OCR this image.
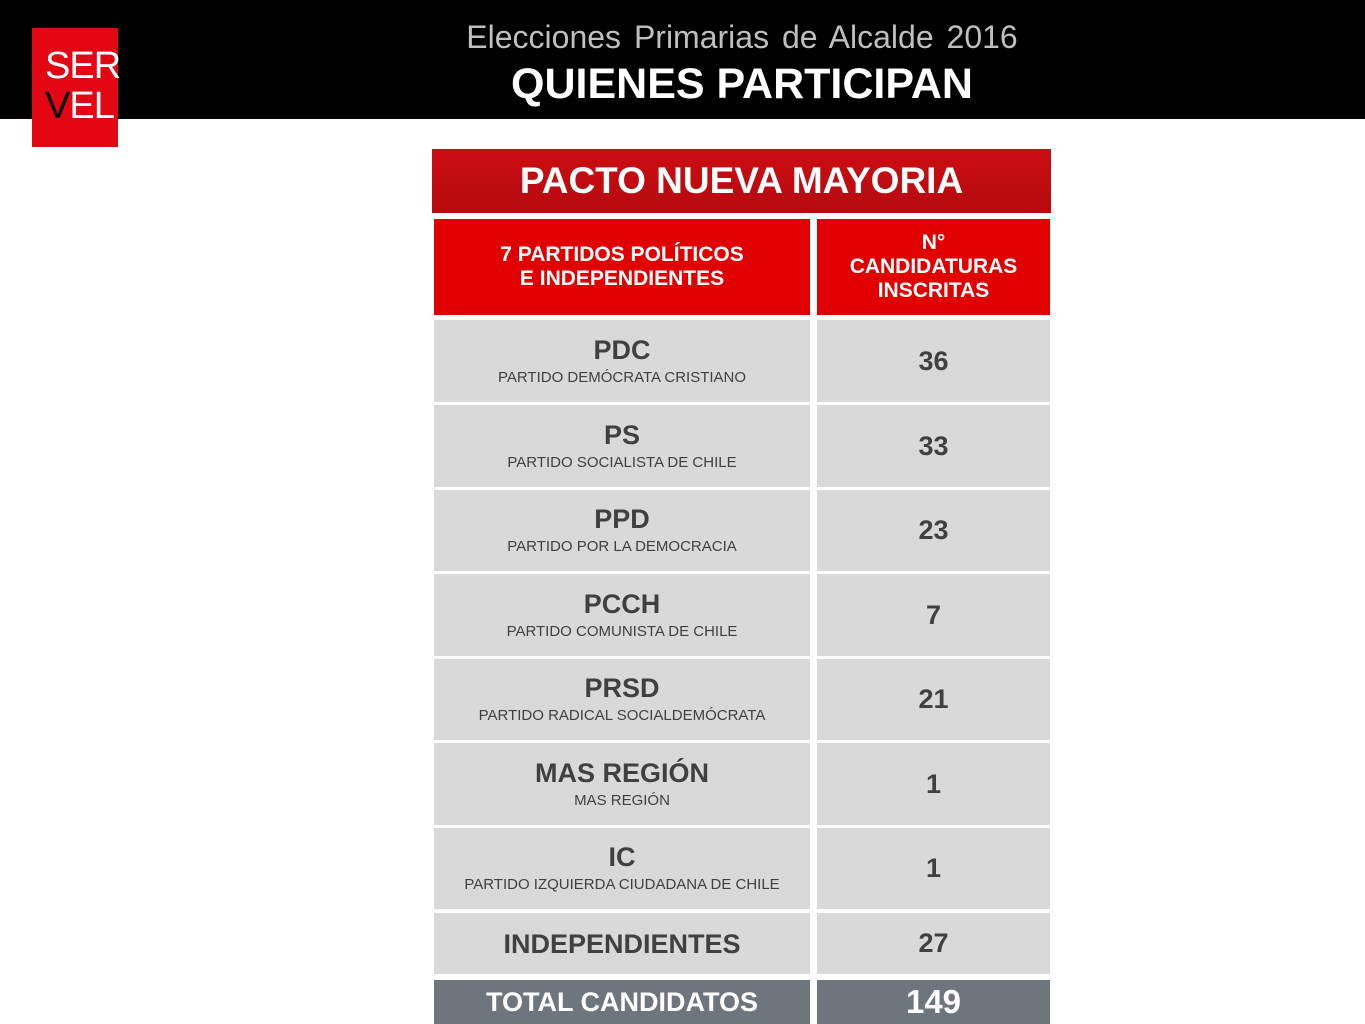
SER
VEL
Elecciones Primarias de Alcalde 2016
QUIENES PARTICIPAN
PACTO NUEVA MAYORIA
7 PARTIDOS POLÍTICOS
E INDEPENDIENTES
N°
CANDIDATURAS
INSCRITAS
PDC
PARTIDO DEMÓCRATA CRISTIANO
36
PS
PARTIDO SOCIALISTA DE CHILE
33
PPD
PARTIDO POR LA DEMOCRACIA
23
PCCH
PARTIDO COMUNISTA DE CHILE
7
PRSD
PARTIDO RADICAL SOCIALDEMÓCRATA
21
MAS REGIÓN
MAS REGIÓN
1
IC
PARTIDO IZQUIERDA CIUDADANA DE CHILE
1
INDEPENDIENTES	27
TOTAL CANDIDATOS	149
